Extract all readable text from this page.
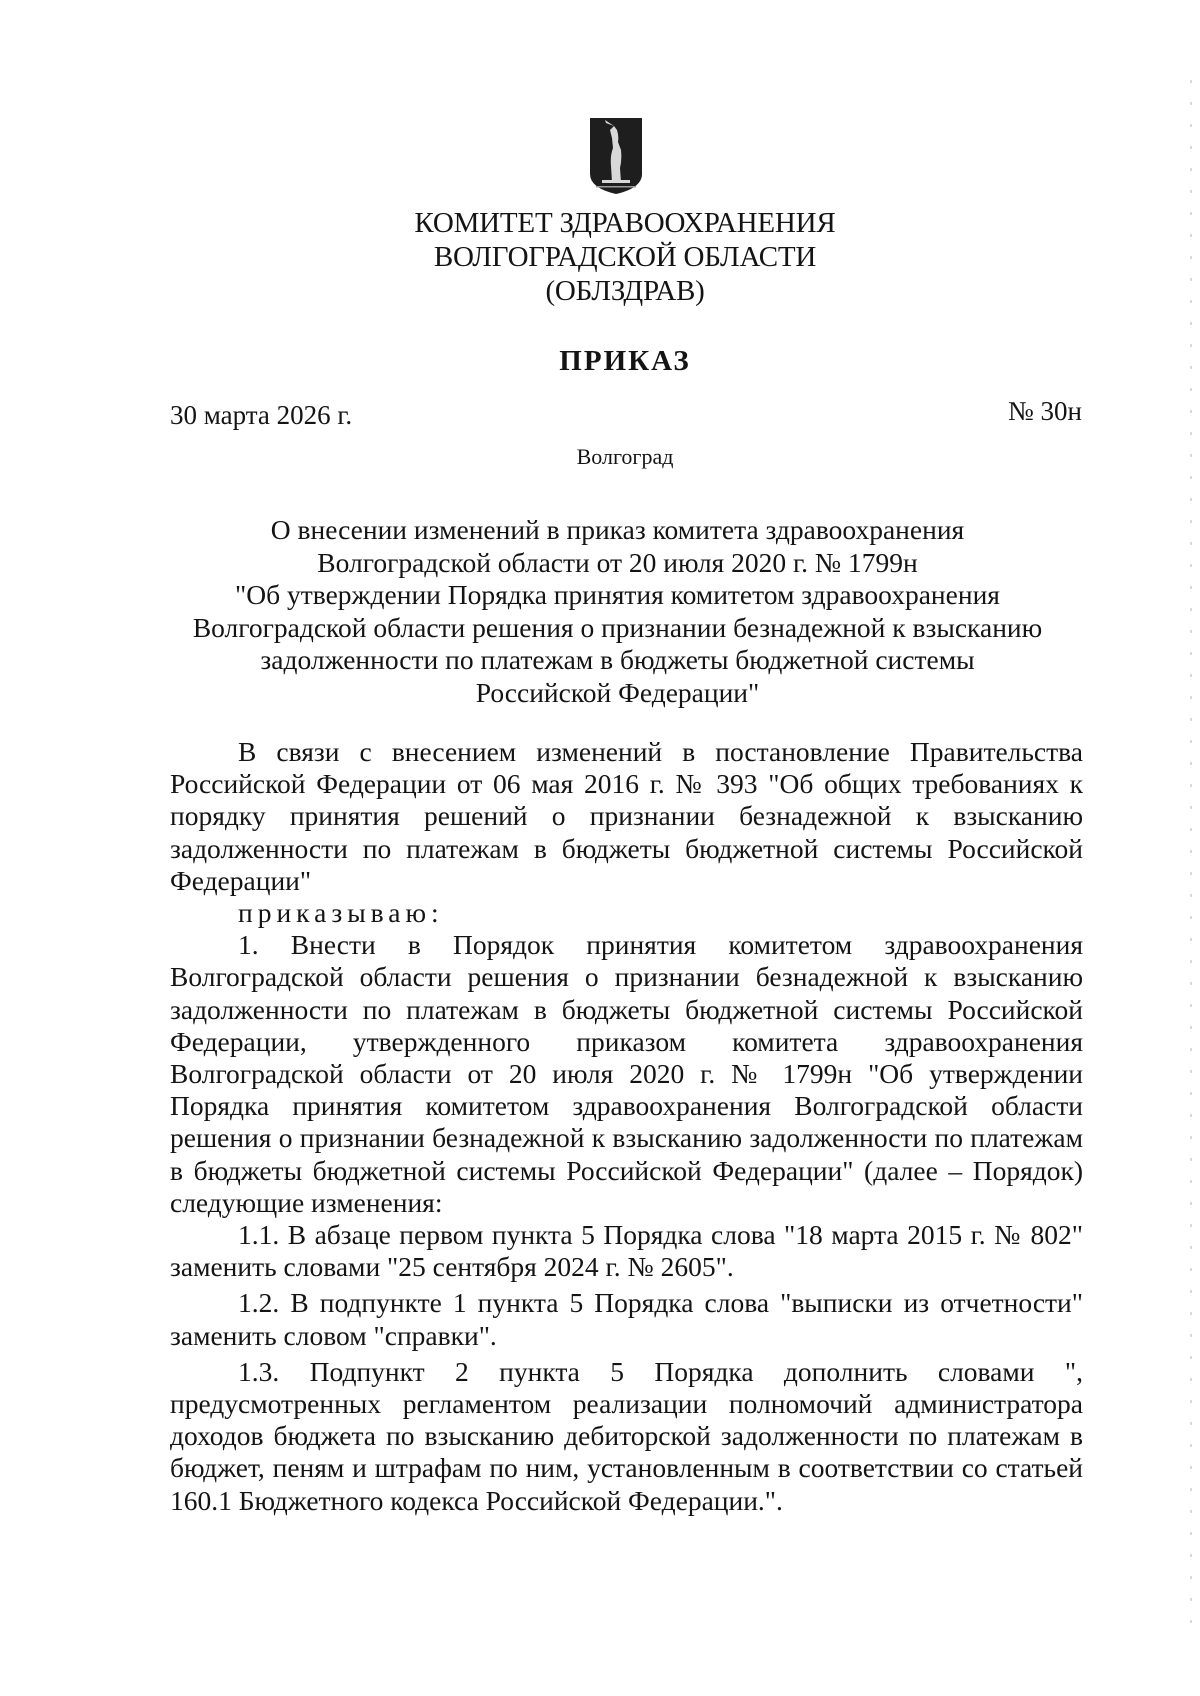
КОМИТЕТ ЗДРАВООХРАНЕНИЯ
ВОЛГОГРАДСКОЙ ОБЛАСТИ
(ОБЛЗДРАВ)
ПРИКАЗ
30 марта 2026 г.	№ 30н
Волгоград
О внесении изменений в приказ комитета здравоохранения
Волгоградской области от 20 июля 2020 г. № 1799н
"Об утверждении Порядка принятия комитетом здравоохранения
Волгоградской области решения о признании безнадежной к взысканию
задолженности по платежам в бюджеты бюджетной системы
Российской Федерации"

В связи с внесением изменений в постановление Правительства Российской Федерации от 06 мая 2016 г. № 393 "Об общих требованиях к порядку принятия решений о признании безнадежной к взысканию задолженности по платежам в бюджеты бюджетной системы Российской Федерации"

приказываю:

1. Внести в Порядок принятия комитетом здравоохранения Волгоградской области решения о признании безнадежной к взысканию задолженности по платежам в бюджеты бюджетной системы Российской Федерации, утвержденного приказом комитета здравоохранения Волгоградской области от 20 июля 2020 г. № 1799н "Об утверждении Порядка принятия комитетом здравоохранения Волгоградской области решения о признании безнадежной к взысканию задолженности по платежам в бюджеты бюджетной системы Российской Федерации" (далее – Порядок) следующие изменения:

1.1. В абзаце первом пункта 5 Порядка слова "18 марта 2015 г. № 802" заменить словами "25 сентября 2024 г. № 2605".

1.2. В подпункте 1 пункта 5 Порядка слова "выписки из отчетности" заменить словом "справки".

1.3. Подпункт 2 пункта 5 Порядка дополнить словами ", предусмотренных регламентом реализации полномочий администратора доходов бюджета по взысканию дебиторской задолженности по платежам в бюджет, пеням и штрафам по ним, установленным в соответствии со статьей 160.1 Бюджетного кодекса Российской Федерации.".
